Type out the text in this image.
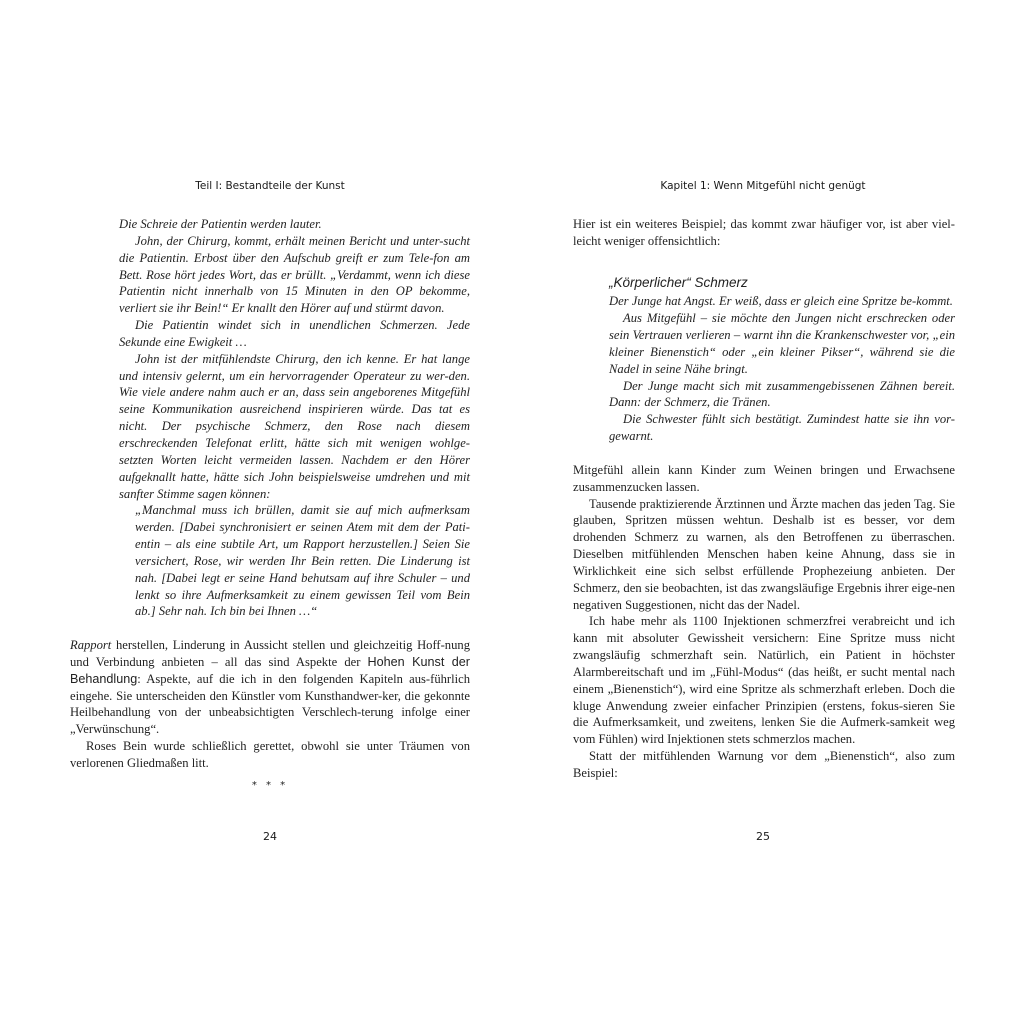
Teil I: Bestandteile der Kunst

Die Schreie der Patientin werden lauter.

John, der Chirurg, kommt, erhält meinen Bericht und unter-sucht die Patientin. Erbost über den Aufschub greift er zum Tele-fon am Bett. Rose hört jedes Wort, das er brüllt. „Verdammt, wenn ich diese Patientin nicht innerhalb von 15 Minuten in den OP bekomme, verliert sie ihr Bein!“ Er knallt den Hörer auf und stürmt davon.

Die Patientin windet sich in unendlichen Schmerzen. Jede Sekunde eine Ewigkeit …

John ist der mitfühlendste Chirurg, den ich kenne. Er hat lange und intensiv gelernt, um ein hervorragender Operateur zu wer-den. Wie viele andere nahm auch er an, dass sein angeborenes Mitgefühl seine Kommunikation ausreichend inspirieren würde. Das tat es nicht. Der psychische Schmerz, den Rose nach diesem erschreckenden Telefonat erlitt, hätte sich mit wenigen wohlge-setzten Worten leicht vermeiden lassen. Nachdem er den Hörer aufgeknallt hatte, hätte sich John beispielsweise umdrehen und mit sanfter Stimme sagen können:

„Manchmal muss ich brüllen, damit sie auf mich aufmerksam werden. [Dabei synchronisiert er seinen Atem mit dem der Pati-entin – als eine subtile Art, um Rapport herzustellen.] Seien Sie versichert, Rose, wir werden Ihr Bein retten. Die Linderung ist nah. [Dabei legt er seine Hand behutsam auf ihre Schuler – und lenkt so ihre Aufmerksamkeit zu einem gewissen Teil vom Bein ab.] Sehr nah. Ich bin bei Ihnen …“

Rapport herstellen, Linderung in Aussicht stellen und gleichzeitig Hoff-nung und Verbindung anbieten – all das sind Aspekte der Hohen Kunst der Behandlung: Aspekte, auf die ich in den folgenden Kapiteln aus-führlich eingehe. Sie unterscheiden den Künstler vom Kunsthandwer-ker, die gekonnte Heilbehandlung von der unbeabsichtigten Verschlech-terung infolge einer „Verwünschung“.

Roses Bein wurde schließlich gerettet, obwohl sie unter Träumen von verlorenen Gliedmaßen litt.

* * *
24
Kapitel 1: Wenn Mitgefühl nicht genügt

Hier ist ein weiteres Beispiel; das kommt zwar häufiger vor, ist aber viel-leicht weniger offensichtlich:

„Körperlicher“ Schmerz

Der Junge hat Angst. Er weiß, dass er gleich eine Spritze be-kommt.

Aus Mitgefühl – sie möchte den Jungen nicht erschrecken oder sein Vertrauen verlieren – warnt ihn die Krankenschwester vor, „ein kleiner Bienenstich“ oder „ein kleiner Pikser“, während sie die Nadel in seine Nähe bringt.

Der Junge macht sich mit zusammengebissenen Zähnen bereit. Dann: der Schmerz, die Tränen.

Die Schwester fühlt sich bestätigt. Zumindest hatte sie ihn vor-gewarnt.

Mitgefühl allein kann Kinder zum Weinen bringen und Erwachsene zusammenzucken lassen.

Tausende praktizierende Ärztinnen und Ärzte machen das jeden Tag. Sie glauben, Spritzen müssen wehtun. Deshalb ist es besser, vor dem drohenden Schmerz zu warnen, als den Betroffenen zu überraschen. Dieselben mitfühlenden Menschen haben keine Ahnung, dass sie in Wirklichkeit eine sich selbst erfüllende Prophezeiung anbieten. Der Schmerz, den sie beobachten, ist das zwangsläufige Ergebnis ihrer eige-nen negativen Suggestionen, nicht das der Nadel.

Ich habe mehr als 1100 Injektionen schmerzfrei verabreicht und ich kann mit absoluter Gewissheit versichern: Eine Spritze muss nicht zwangsläufig schmerzhaft sein. Natürlich, ein Patient in höchster Alarmbereitschaft und im „Fühl-Modus“ (das heißt, er sucht mental nach einem „Bienenstich“), wird eine Spritze als schmerzhaft erleben. Doch die kluge Anwendung zweier einfacher Prinzipien (erstens, fokus-sieren Sie die Aufmerksamkeit, und zweitens, lenken Sie die Aufmerk-samkeit weg vom Fühlen) wird Injektionen stets schmerzlos machen.

Statt der mitfühlenden Warnung vor dem „Bienenstich“, also zum Beispiel:

25
